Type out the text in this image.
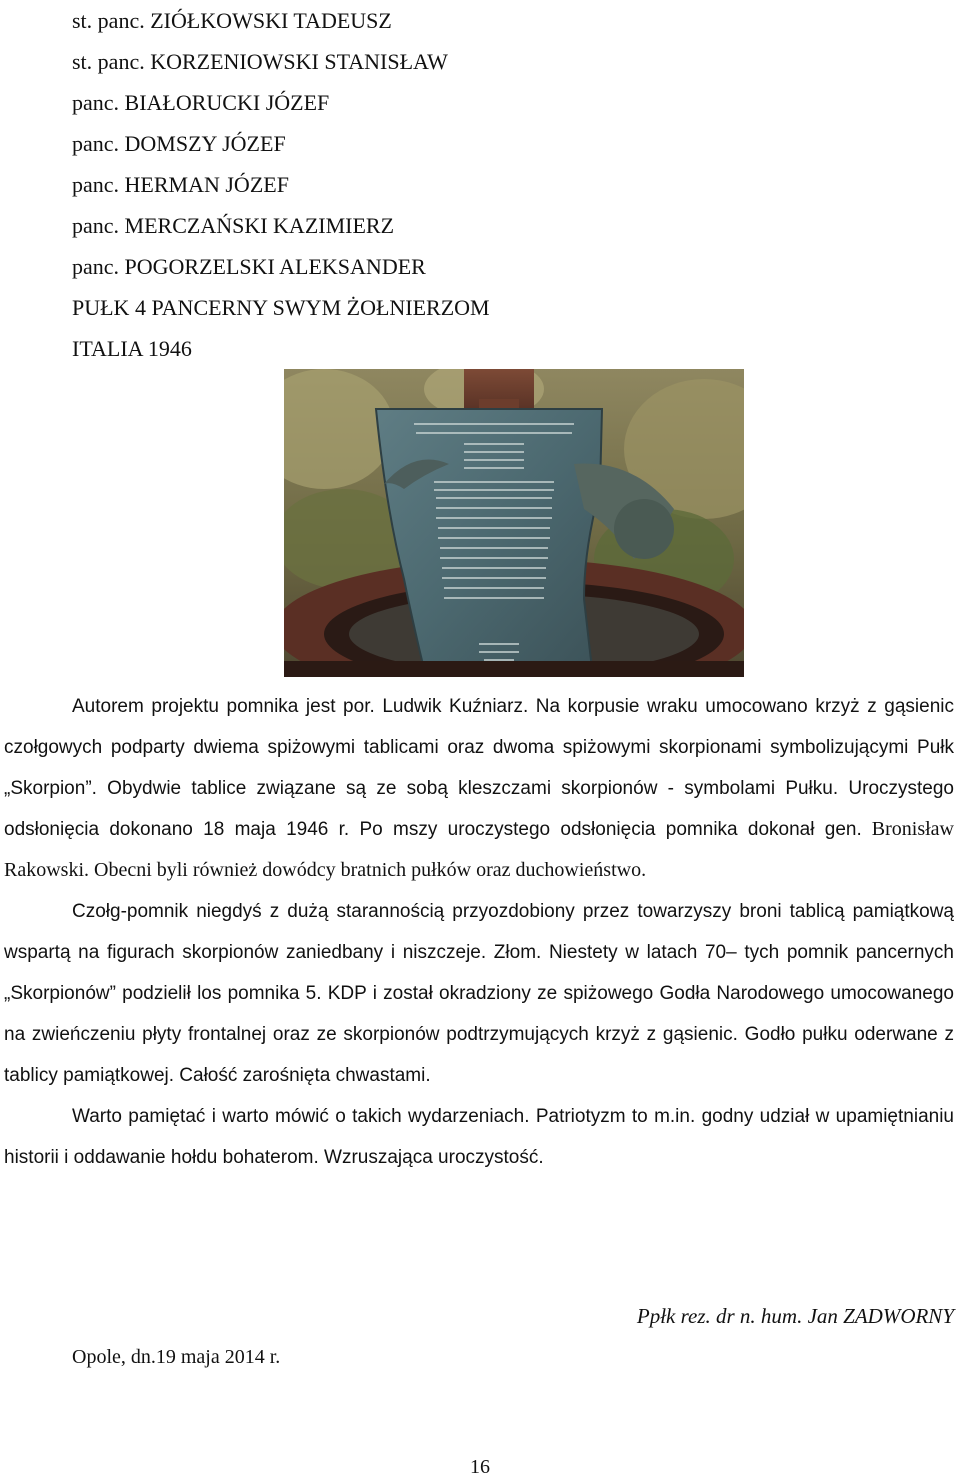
st. panc. ZIÓŁKOWSKI TADEUSZ
st. panc. KORZENIOWSKI STANISŁAW
panc. BIAŁORUCKI JÓZEF
panc. DOMSZY JÓZEF
panc. HERMAN JÓZEF
panc. MERCZAŃSKI KAZIMIERZ
panc. POGORZELSKI ALEKSANDER
PUŁK 4 PANCERNY SWYM ŻOŁNIERZOM
ITALIA 1946

Autorem projektu pomnika jest por. Ludwik Kuźniarz. Na korpusie wraku umocowano krzyż z gąsienic czołgowych podparty dwiema spiżowymi tablicami oraz dwoma spiżowymi skorpionami symbolizującymi Pułk „Skorpion”. Obydwie tablice związane są ze sobą kleszczami skorpionów - symbolami Pułku. Uroczystego odsłonięcia dokonano 18 maja 1946 r. Po mszy uroczystego odsłonięcia pomnika dokonał gen. Bronisław Rakowski. Obecni byli również dowódcy bratnich pułków oraz duchowieństwo.

Czołg-pomnik niegdyś z dużą starannością przyozdobiony przez towarzyszy broni tablicą pamiątkową wspartą na figurach skorpionów zaniedbany i niszczeje. Złom. Niestety w latach 70– tych pomnik pancernych „Skorpionów” podzielił los pomnika 5. KDP i został okradziony ze spiżowego Godła Narodowego umocowanego na zwieńczeniu płyty frontalnej oraz ze skorpionów podtrzymujących krzyż z gąsienic. Godło pułku oderwane z tablicy pamiątkowej. Całość zarośnięta chwastami.

Warto pamiętać i warto mówić o takich wydarzeniach. Patriotyzm to m.in. godny udział w upamiętnianiu historii i oddawanie hołdu bohaterom. Wzruszająca uroczystość.

Ppłk rez. dr n. hum. Jan ZADWORNY
Opole, dn.19 maja 2014 r.
16
